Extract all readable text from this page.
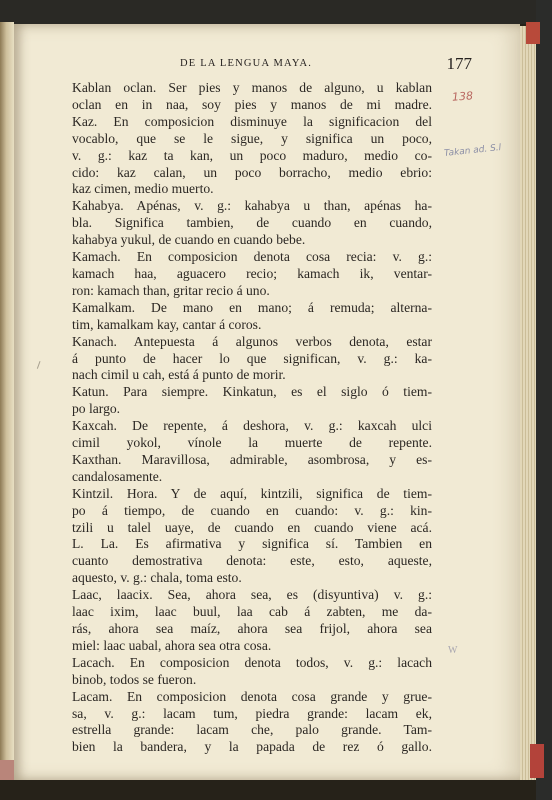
DE LA LENGUA MAYA.	177
138
Takan ad. S.l
W
Kablan oclan. Ser pies y manos de alguno, u kablan
oclan en in naa, soy pies y manos de mi madre.
Kaz. En composicion disminuye la significacion del
vocablo, que se le sigue, y significa un poco,
v. g.: kaz ta kan, un poco maduro, medio co-
cido: kaz calan, un poco borracho, medio ebrio:
kaz cimen, medio muerto.
Kahabya. Apénas, v. g.: kahabya u than, apénas ha-
bla. Significa tambien, de cuando en cuando,
kahabya yukul, de cuando en cuando bebe.
Kamach. En composicion denota cosa recia: v. g.:
kamach haa, aguacero recio; kamach ik, ventar-
ron: kamach than, gritar recio á uno.
Kamalkam. De mano en mano; á remuda; alterna-
tim, kamalkam kay, cantar á coros.
Kanach. Antepuesta á algunos verbos denota, estar
á punto de hacer lo que significan, v. g.: ka-
nach cimil u cah, está á punto de morir.
Katun. Para siempre. Kinkatun, es el siglo ó tiem-
po largo.
Kaxcah. De repente, á deshora, v. g.: kaxcah ulci
cimil yokol, vínole la muerte de repente.
Kaxthan. Maravillosa, admirable, asombrosa, y es-
candalosamente.
Kintzil. Hora. Y de aquí, kintzili, significa de tiem-
po á tiempo, de cuando en cuando: v. g.: kin-
tzili u talel uaye, de cuando en cuando viene acá.
L. La. Es afirmativa y significa sí. Tambien en
cuanto demostrativa denota: este, esto, aqueste,
aquesto, v. g.: chala, toma esto.
Laac, laacix. Sea, ahora sea, es (disyuntiva) v. g.:
laac ixim, laac buul, laa cab á zabten, me da-
rás, ahora sea maíz, ahora sea frijol, ahora sea
miel: laac uabal, ahora sea otra cosa.
Lacach. En composicion denota todos, v. g.: lacach
binob, todos se fueron.
Lacam. En composicion denota cosa grande y grue-
sa, v. g.: lacam tum, piedra grande: lacam ek,
estrella grande: lacam che, palo grande. Tam-
bien la bandera, y la papada de rez ó gallo.
